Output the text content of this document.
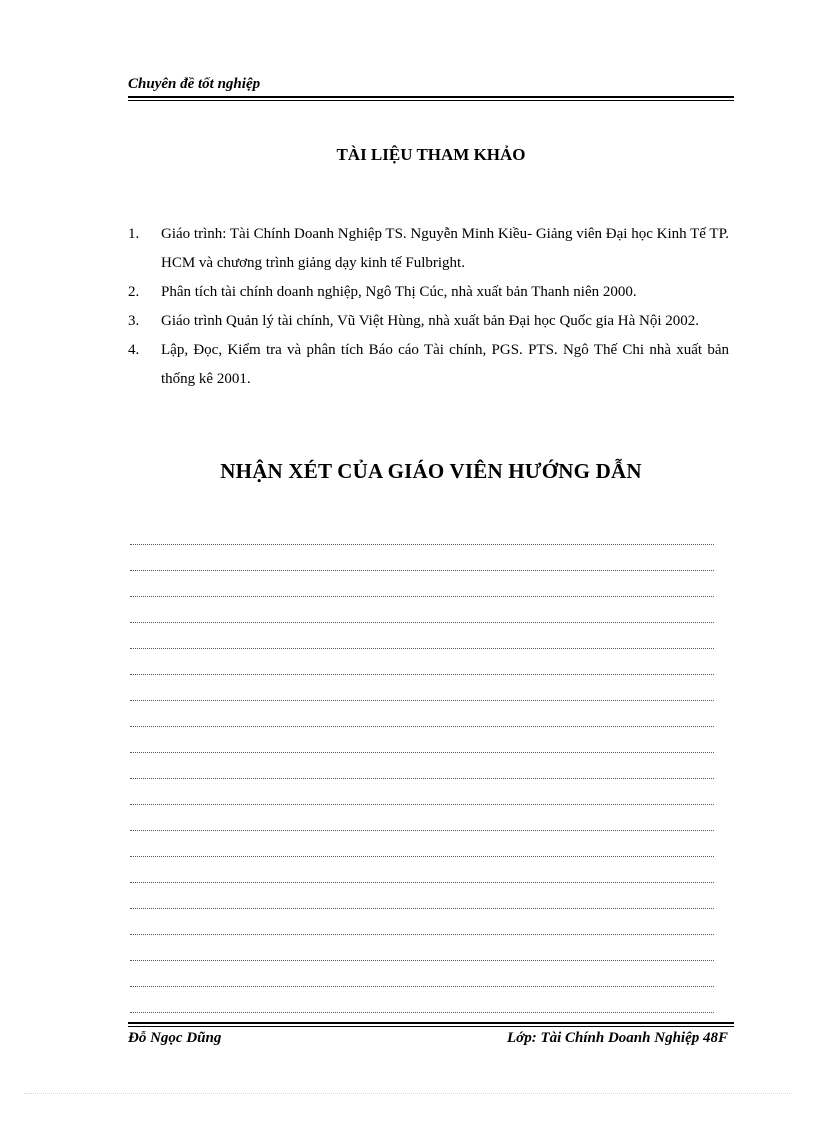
Chuyên đề tốt nghiệp
TÀI LIỆU THAM KHẢO
1. Giáo trình: Tài Chính Doanh Nghiệp TS. Nguyễn Minh Kiều- Giảng viên Đại học Kinh Tế TP. HCM và chương trình giảng dạy kinh tế Fulbright.
2. Phân tích tài chính doanh nghiệp, Ngô Thị Cúc, nhà xuất bản Thanh niên 2000.
3. Giáo trình Quản lý tài chính, Vũ Việt Hùng, nhà xuất bản Đại học Quốc gia Hà Nội 2002.
4. Lập, Đọc, Kiểm tra và phân tích Báo cáo Tài chính, PGS. PTS. Ngô Thế Chi nhà xuất bản thống kê 2001.
NHẬN XÉT CỦA GIÁO VIÊN HƯỚNG DẪN
Đỗ Ngọc Dũng	Lớp: Tài Chính Doanh Nghiệp 48F
